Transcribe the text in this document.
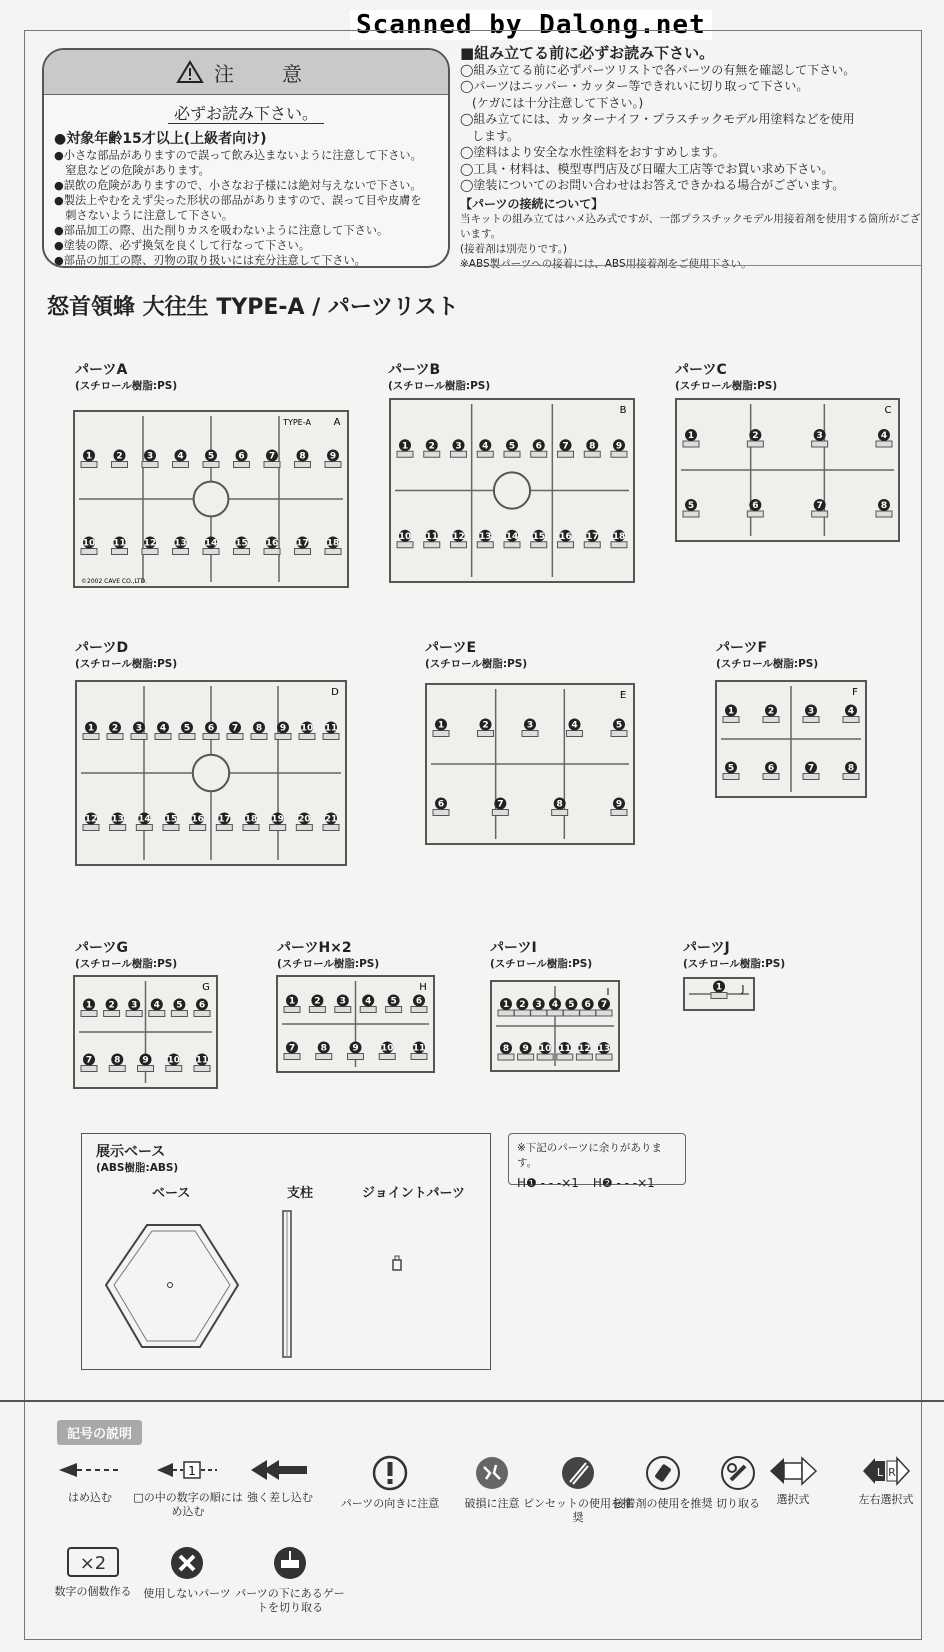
Scanned by Dalong.net
注　意
必ずお読み下さい。
●対象年齢15才以上(上級者向け)
●小さな部品がありますので誤って飲み込まないように注意して下さい。
　窒息などの危険があります。
●誤飲の危険がありますので、小さなお子様には絶対与えないで下さい。
●製法上やむをえず尖った形状の部品がありますので、誤って目や皮膚を
　刺さないように注意して下さい。
●部品加工の際、出た削りカスを吸わないように注意して下さい。
●塗装の際、必ず換気を良くして行なって下さい。
●部品の加工の際、刃物の取り扱いには充分注意して下さい。
■組み立てる前に必ずお読み下さい。
◯組み立てる前に必ずパーツリストで各パーツの有無を確認して下さい。
◯パーツはニッパー・カッター等できれいに切り取って下さい。
　(ケガには十分注意して下さい。)
◯組み立てには、カッターナイフ・プラスチックモデル用塗料などを使用
　します。
◯塗料はより安全な水性塗料をおすすめします。
◯工具・材料は、模型専門店及び日曜大工店等でお買い求め下さい。
◯塗装についてのお問い合わせはお答えできかねる場合がございます。
【パーツの接続について】
当キットの組み立てはハメ込み式ですが、一部プラスチックモデル用接着剤を使用する箇所がございます。
(接着剤は別売りです。)
※ABS製パーツへの接着には、ABS用接着剤をご使用下さい。
怒首領蜂 大往生 TYPE-A / パーツリスト
パーツA
(スチロール樹脂:PS)
1	2	3	4	5	6	7	8	9
10 11 12 13 14 15 16 17 18
A
TYPE-A
©2002 CAVE CO.,LTD.
パーツB
(スチロール樹脂:PS)
1 2 3 4 5 6 7 8 9
10 11 12 13 14 15 16 17 18
B
パーツC
(スチロール樹脂:PS)
1	2	3	4
5	6	7	8
C
パーツD
(スチロール樹脂:PS)
1 2 3 4 5 6 7 8 9 10 11
12 13 14 15 16 17 18 19 20 21
D
パーツE
(スチロール樹脂:PS)
1	2	3	4	5
6	7	8	9
E
パーツF
(スチロール樹脂:PS)
1	2	3	4
5	6	7	8
F
パーツG
(スチロール樹脂:PS)
1 2 3 4 5 6
7 8 9 10 11
G
パーツH×2
(スチロール樹脂:PS)
1 2 3 4 5 6
7	8	9 10 11
H
パーツI
(スチロール樹脂:PS)
1 2 3 4 5 6 7
8 9 10 11 12 13
I
パーツJ
(スチロール樹脂:PS)
1 J
展示ベース
(ABS樹脂:ABS)
ベース	支柱	ジョイントパーツ
※下記のパーツに余りがあります。
H❶ - - -×1 H❷ - - -×1
記号の説明
はめ込む
1
□の中の数字の順にはめ込む
強く差し込む	パーツの向きに注意	破損に注意 ピンセットの使用を推奨
接着剤の使用を推奨 切り取る	選択式
L R
左右選択式
×2
数字の個数作る	使用しないパーツ パーツの下にあるゲートを切り取る
